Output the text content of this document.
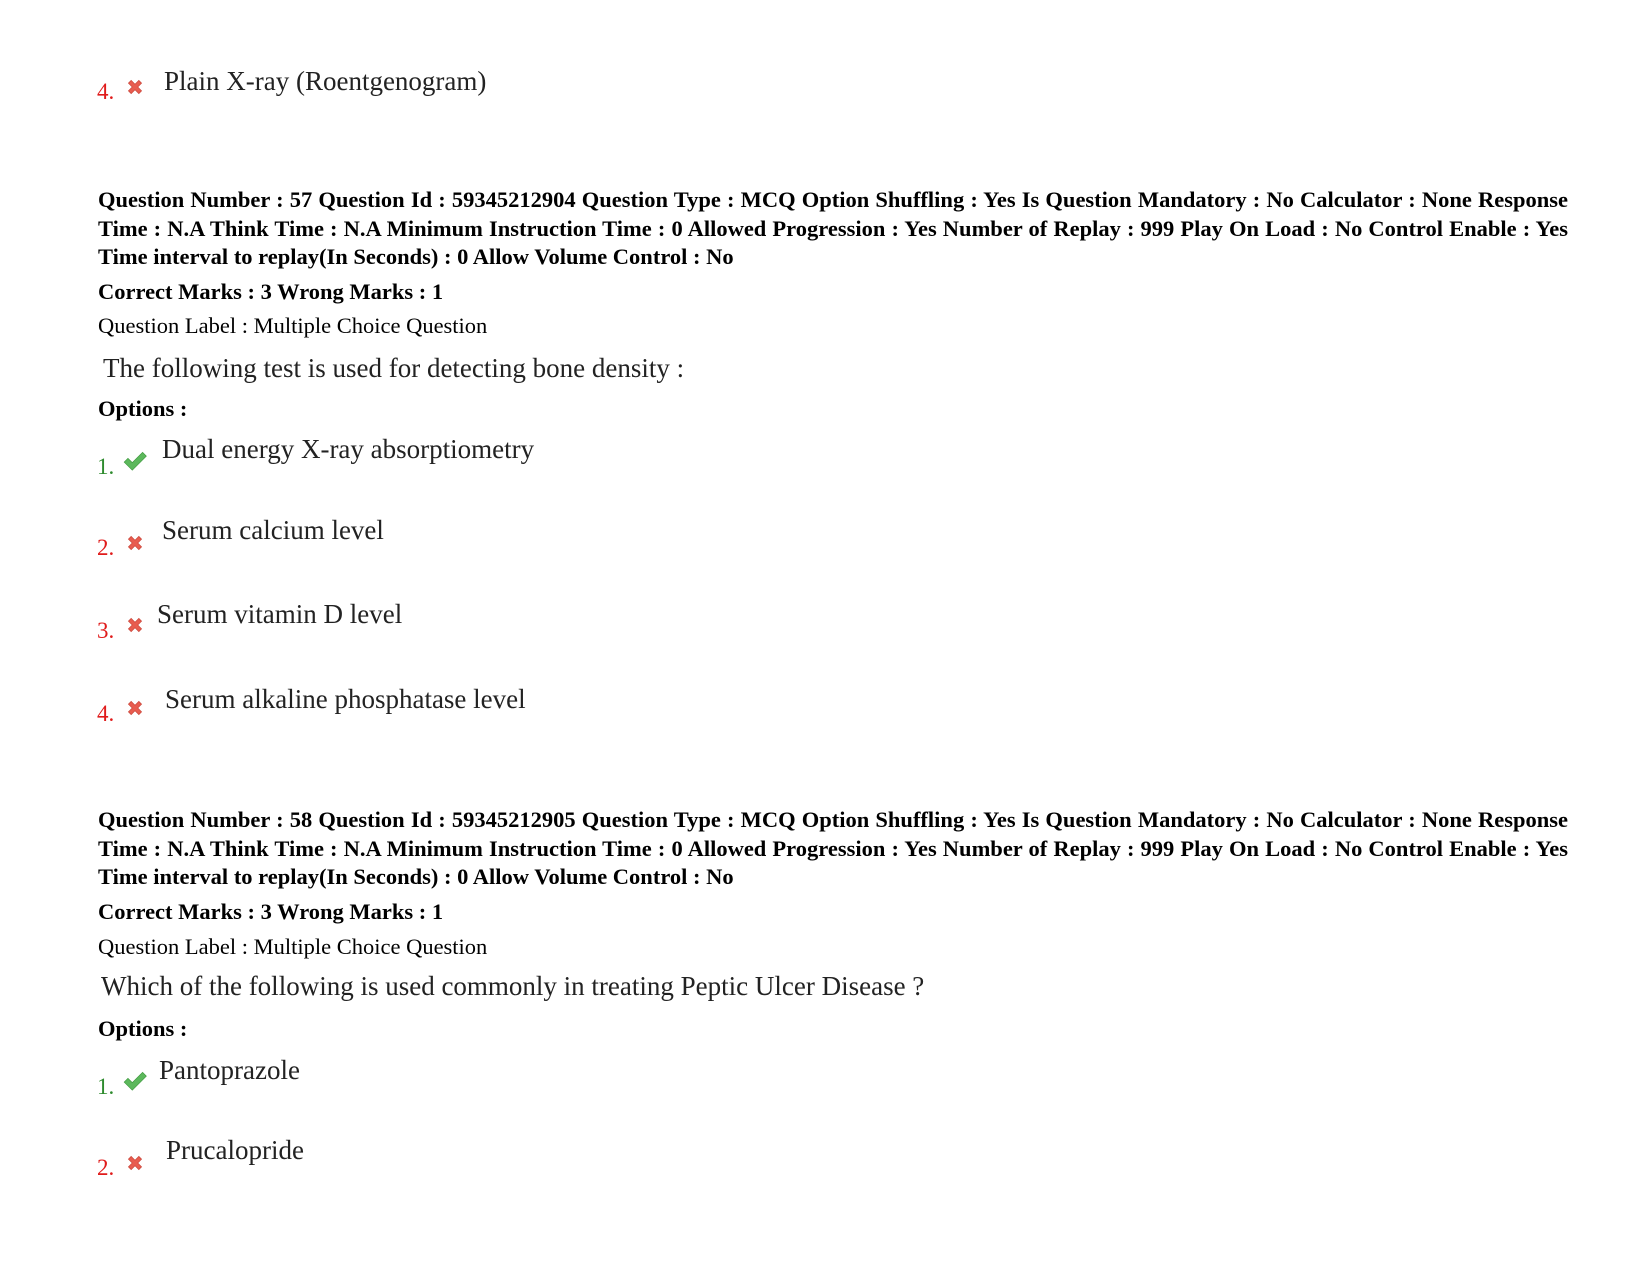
4. Plain X-ray (Roentgenogram)
Question Number : 57 Question Id : 59345212904 Question Type : MCQ Option Shuffling : Yes Is Question Mandatory : No Calculator : None Response Time : N.A Think Time : N.A Minimum Instruction Time : 0 Allowed Progression : Yes Number of Replay : 999 Play On Load : No Control Enable : Yes Time interval to replay(In Seconds) : 0 Allow Volume Control : No
Correct Marks : 3 Wrong Marks : 1
Question Label : Multiple Choice Question
The following test is used for detecting bone density :
Options :
1.
Dual energy X-ray absorptiometry
2.
Serum calcium level
3.
Serum vitamin D level
4. Serum alkaline phosphatase level
Question Number : 58 Question Id : 59345212905 Question Type : MCQ Option Shuffling : Yes Is Question Mandatory : No Calculator : None Response Time : N.A Think Time : N.A Minimum Instruction Time : 0 Allowed Progression : Yes Number of Replay : 999 Play On Load : No Control Enable : Yes Time interval to replay(In Seconds) : 0 Allow Volume Control : No
Correct Marks : 3 Wrong Marks : 1
Question Label : Multiple Choice Question
Which of the following is used commonly in treating Peptic Ulcer Disease ?
Options :
1.
Pantoprazole
2.
Prucalopride
